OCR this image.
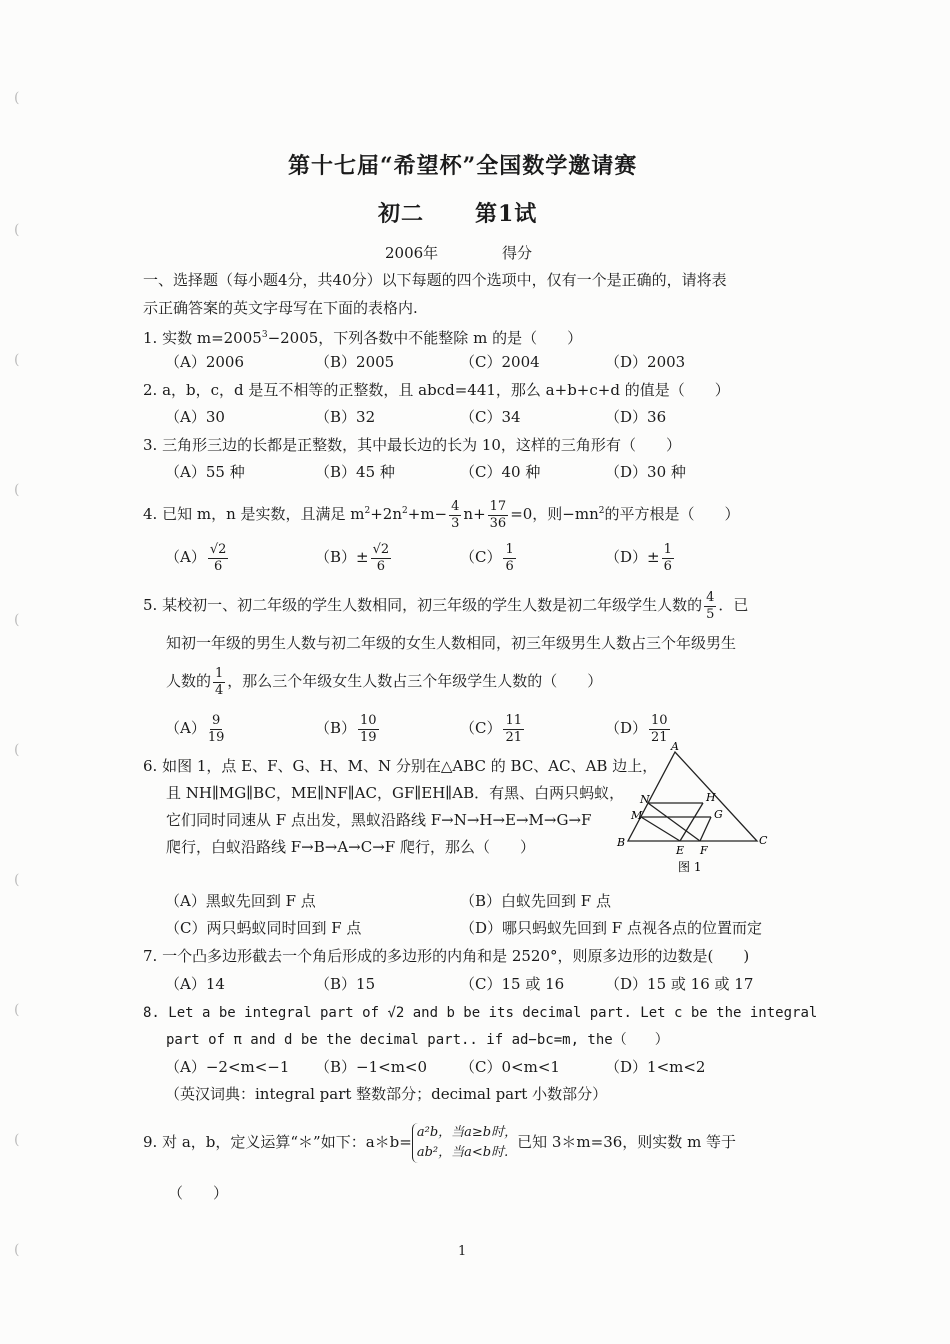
(
(
(
(
(
(
(
(
(
(
第十七届“希望杯”全国数学邀请赛
初二 第1试
2006年	得分
一、选择题（每小题4分，共40分）以下每题的四个选项中，仅有一个是正确的，请将表
示正确答案的英文字母写在下面的表格内.
1. 实数 $m=2005^3-2005$，下列各数中不能整除 m 的是（　　）
（A）2006	（B）2005	（C）2004	（D）2003
2. a，b，c，d 是互不相等的正整数，且 abcd=441，那么 a+b+c+d 的值是（　　）
（A）30	（B）32	（C）34	（D）36
3. 三角形三边的长都是正整数，其中最长边的长为 10，这样的三角形有（　　）
（A）55 种	（B）45 种	（C）40 种	（D）30 种
4. 已知 m，n 是实数，且满足 $m^2+2n^2+m- \frac{4}{3} n+ \frac{17}{36} =0$，则$-mn^2$的平方根是（　　）
$(A) \frac{√2}{6}$	$(B)\pm \frac{√2}{6}$	$(C) \frac{1}{6}$	$(D)\pm \frac{1}{6}$
5. 某校初一、初二年级的学生人数相同，初三年级的学生人数是初二年级学生人数的 $\frac{4}{5}$ ．已
知初一年级的男生人数与初二年级的女生人数相同，初三年级男生人数占三个年级男生
人数的 $\frac{1}{4}$ ，那么三个年级女生人数占三个年级学生人数的（　　）
$(A) \frac{9}{19}$	$(B) \frac{10}{19}$	$(C) \frac{11}{21}$	$(D) \frac{10}{21}$
6. 如图 1，点 E、F、G、H、M、N 分别在△ABC 的 BC、AC、AB 边上，
且 NH∥MG∥BC，ME∥NF∥AC，GF∥EH∥AB．有黑、白两只蚂蚁，
它们同时同速从 F 点出发，黑蚁沿路线 F→N→H→E→M→G→F
爬行，白蚁沿路线 F→B→A→C→F 爬行，那么（　　）
A
B	C
E F
G
H
M
N
图 1
（A）黑蚁先回到 F 点	（B）白蚁先回到 F 点
（C）两只蚂蚁同时回到 F 点	（D）哪只蚂蚁先回到 F 点视各点的位置而定
7. 一个凸多边形截去一个角后形成的多边形的内角和是 2520°，则原多边形的边数是(　　)
（A）14	（B）15	（C）15 或 16	（D）15 或 16 或 17
8. Let a be integral part of √2 and b be its decimal part. Let c be the integral
part of π and d be the decimal part.. if ad−bc=m, the（　　）
（A）−2<m<−1 （B）−1<m<0 （C）0<m<1	（D）1<m<2
（英汉词典：integral part 整数部分；decimal part 小数部分）
9. 对 a，b，定义运算“＊”如下：a＊b=
a²b，当a≥b时，
ab²，当a<b时.
已知 3＊m=36，则实数 m 等于
（　　）
1
